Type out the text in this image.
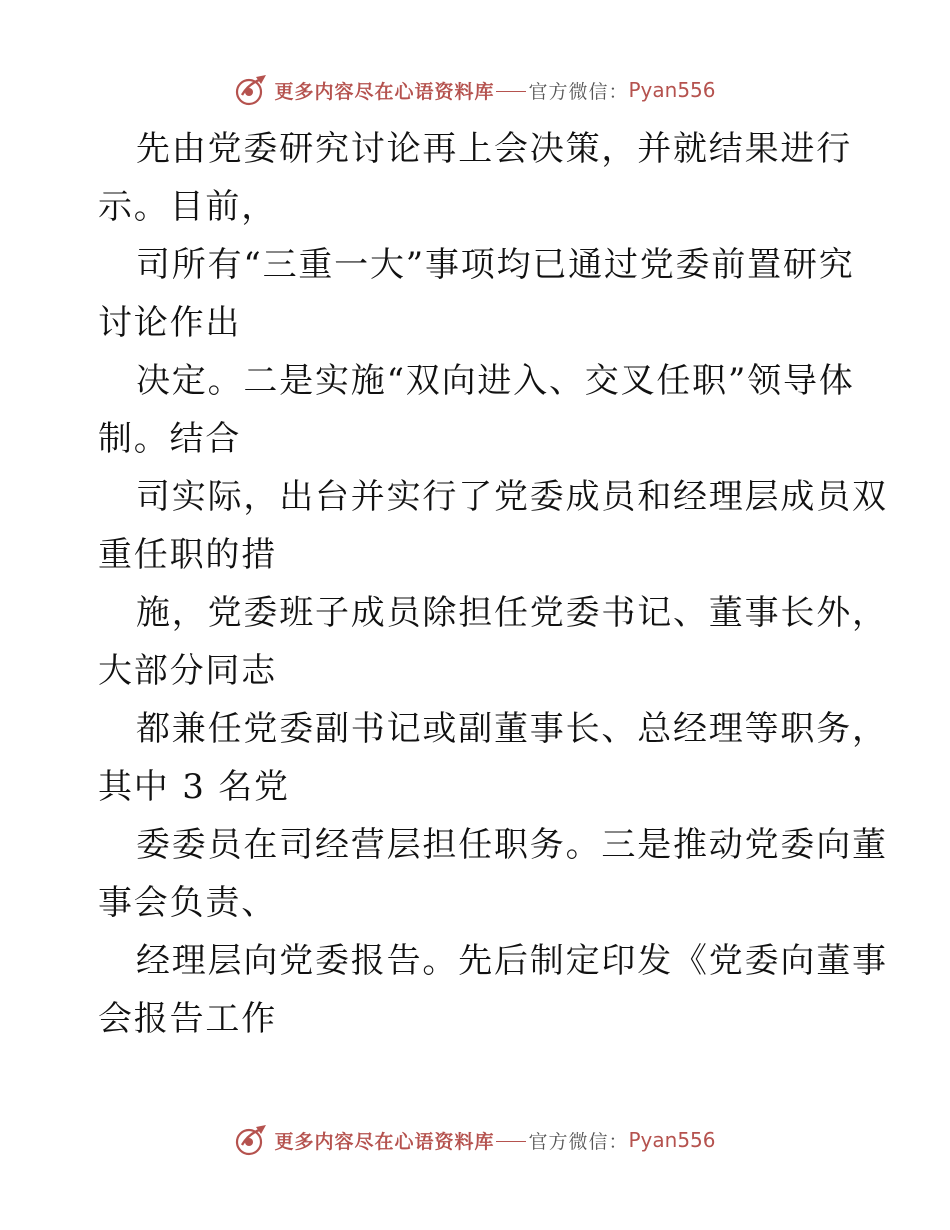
更多内容尽在心语资料库 官方微信： Pyan556
先由党委研究讨论再上会决策，并就结果进行
示。目前，
司所有“三重一大”事项均已通过党委前置研究
讨论作出
决定。二是实施“双向进入、交叉任职”领导体
制。结合
司实际，出台并实行了党委成员和经理层成员双
重任职的措
施，党委班子成员除担任党委书记、董事长外，
大部分同志
都兼任党委副书记或副董事长、总经理等职务，
其中 3 名党
委委员在司经营层担任职务。三是推动党委向董
事会负责、
经理层向党委报告。先后制定印发《党委向董事
会报告工作
更多内容尽在心语资料库 官方微信： Pyan556
